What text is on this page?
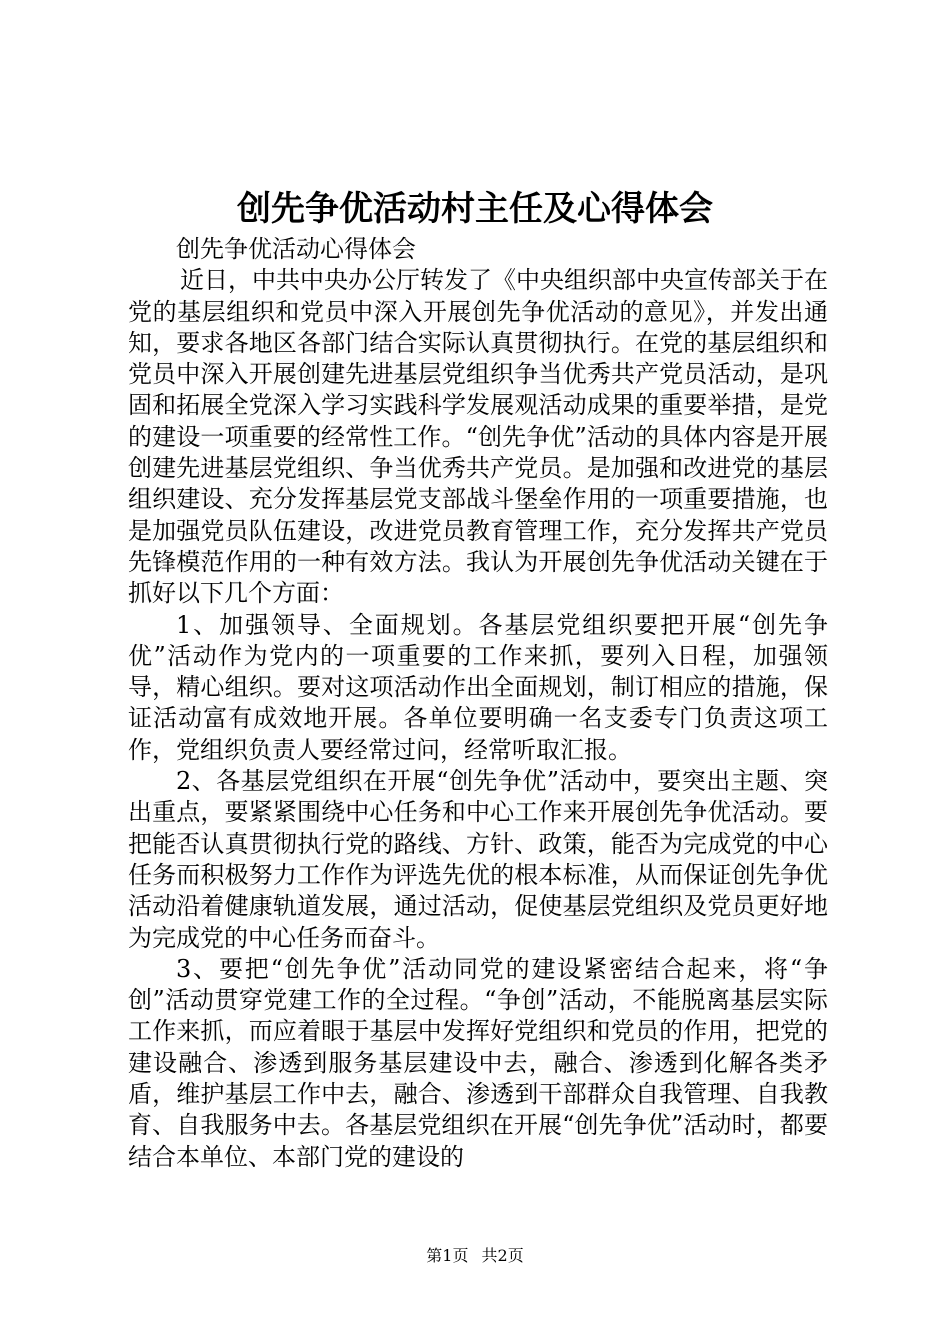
创先争优活动村主任及心得体会

创先争优活动心得体会

近日，中共中央办公厅转发了《中央组织部中央宣传部关于在党的基层组织和党员中深入开展创先争优活动的意见》，并发出通知，要求各地区各部门结合实际认真贯彻执行。在党的基层组织和党员中深入开展创建先进基层党组织争当优秀共产党员活动，是巩固和拓展全党深入学习实践科学发展观活动成果的重要举措，是党的建设一项重要的经常性工作。“创先争优”活动的具体内容是开展创建先进基层党组织、争当优秀共产党员。是加强和改进党的基层组织建设、充分发挥基层党支部战斗堡垒作用的一项重要措施，也是加强党员队伍建设，改进党员教育管理工作，充分发挥共产党员先锋模范作用的一种有效方法。我认为开展创先争优活动关键在于抓好以下几个方面：

1、加强领导、全面规划。各基层党组织要把开展“创先争优”活动作为党内的一项重要的工作来抓，要列入日程，加强领导，精心组织。要对这项活动作出全面规划，制订相应的措施，保证活动富有成效地开展。各单位要明确一名支委专门负责这项工作，党组织负责人要经常过问，经常听取汇报。

2、各基层党组织在开展“创先争优”活动中，要突出主题、突出重点，要紧紧围绕中心任务和中心工作来开展创先争优活动。要把能否认真贯彻执行党的路线、方针、政策，能否为完成党的中心任务而积极努力工作作为评选先优的根本标准，从而保证创先争优活动沿着健康轨道发展，通过活动，促使基层党组织及党员更好地为完成党的中心任务而奋斗。

3、要把“创先争优”活动同党的建设紧密结合起来，将“争创”活动贯穿党建工作的全过程。“争创”活动，不能脱离基层实际工作来抓，而应着眼于基层中发挥好党组织和党员的作用，把党的建设融合、渗透到服务基层建设中去，融合、渗透到化解各类矛盾，维护基层工作中去，融合、渗透到干部群众自我管理、自我教育、自我服务中去。各基层党组织在开展“创先争优”活动时，都要结合本单位、本部门党的建设的

第1页 共2页
